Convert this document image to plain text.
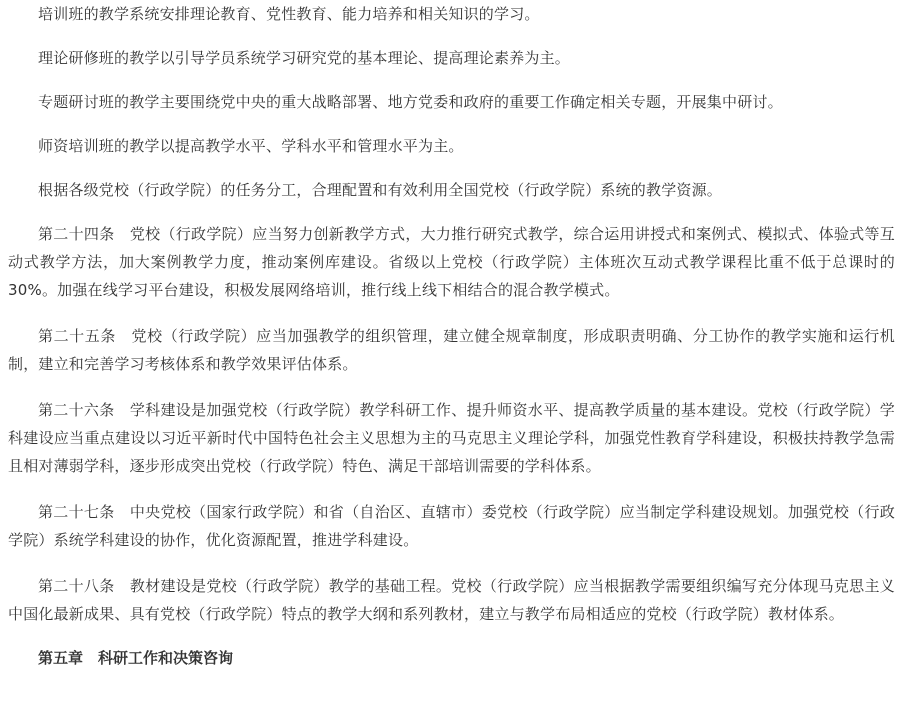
培训班的教学系统安排理论教育、党性教育、能力培养和相关知识的学习。

理论研修班的教学以引导学员系统学习研究党的基本理论、提高理论素养为主。

专题研讨班的教学主要围绕党中央的重大战略部署、地方党委和政府的重要工作确定相关专题，开展集中研讨。

师资培训班的教学以提高教学水平、学科水平和管理水平为主。

根据各级党校（行政学院）的任务分工，合理配置和有效利用全国党校（行政学院）系统的教学资源。

第二十四条　党校（行政学院）应当努力创新教学方式，大力推行研究式教学，综合运用讲授式和案例式、模拟式、体验式等互动式教学方法，加大案例教学力度，推动案例库建设。省级以上党校（行政学院）主体班次互动式教学课程比重不低于总课时的30%。加强在线学习平台建设，积极发展网络培训，推行线上线下相结合的混合教学模式。

第二十五条　党校（行政学院）应当加强教学的组织管理，建立健全规章制度，形成职责明确、分工协作的教学实施和运行机制，建立和完善学习考核体系和教学效果评估体系。

第二十六条　学科建设是加强党校（行政学院）教学科研工作、提升师资水平、提高教学质量的基本建设。党校（行政学院）学科建设应当重点建设以习近平新时代中国特色社会主义思想为主的马克思主义理论学科，加强党性教育学科建设，积极扶持教学急需且相对薄弱学科，逐步形成突出党校（行政学院）特色、满足干部培训需要的学科体系。

第二十七条　中央党校（国家行政学院）和省（自治区、直辖市）委党校（行政学院）应当制定学科建设规划。加强党校（行政学院）系统学科建设的协作，优化资源配置，推进学科建设。

第二十八条　教材建设是党校（行政学院）教学的基础工程。党校（行政学院）应当根据教学需要组织编写充分体现马克思主义中国化最新成果、具有党校（行政学院）特点的教学大纲和系列教材，建立与教学布局相适应的党校（行政学院）教材体系。

第五章　科研工作和决策咨询
